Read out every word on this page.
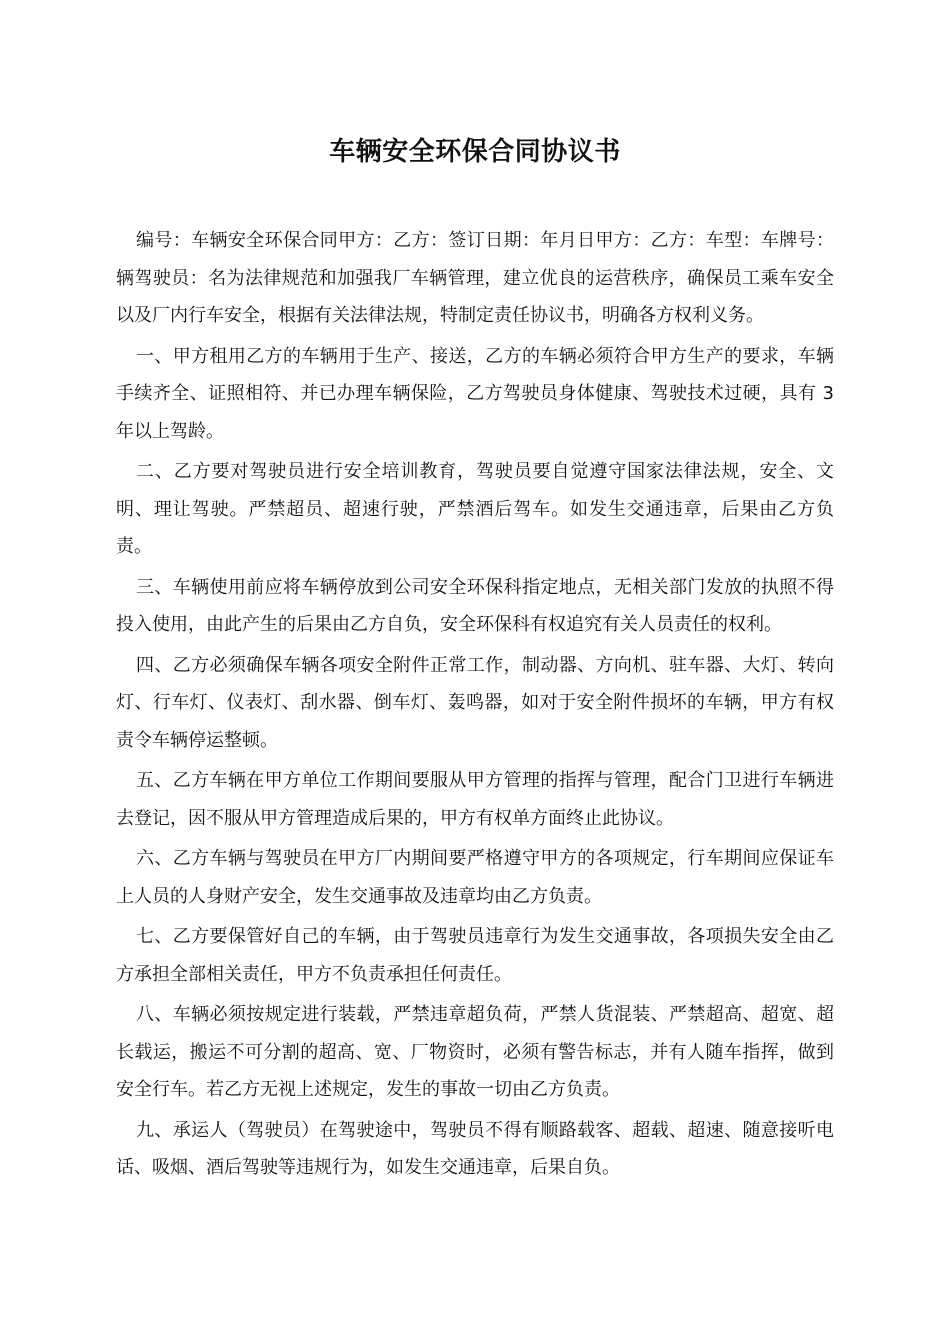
车辆安全环保合同协议书

编号：车辆安全环保合同甲方：乙方：签订日期：年月日甲方：乙方：车型：车牌号：辆驾驶员：名为法律规范和加强我厂车辆管理，建立优良的运营秩序，确保员工乘车安全以及厂内行车安全，根据有关法律法规，特制定责任协议书，明确各方权利义务。

一、甲方租用乙方的车辆用于生产、接送，乙方的车辆必须符合甲方生产的要求，车辆手续齐全、证照相符、并已办理车辆保险，乙方驾驶员身体健康、驾驶技术过硬，具有 3 年以上驾龄。

二、乙方要对驾驶员进行安全培训教育，驾驶员要自觉遵守国家法律法规，安全、文明、理让驾驶。严禁超员、超速行驶，严禁酒后驾车。如发生交通违章，后果由乙方负责。

三、车辆使用前应将车辆停放到公司安全环保科指定地点，无相关部门发放的执照不得投入使用，由此产生的后果由乙方自负，安全环保科有权追究有关人员责任的权利。

四、乙方必须确保车辆各项安全附件正常工作，制动器、方向机、驻车器、大灯、转向灯、行车灯、仪表灯、刮水器、倒车灯、轰鸣器，如对于安全附件损坏的车辆，甲方有权责令车辆停运整顿。

五、乙方车辆在甲方单位工作期间要服从甲方管理的指挥与管理，配合门卫进行车辆进去登记，因不服从甲方管理造成后果的，甲方有权单方面终止此协议。

六、乙方车辆与驾驶员在甲方厂内期间要严格遵守甲方的各项规定，行车期间应保证车上人员的人身财产安全，发生交通事故及违章均由乙方负责。

七、乙方要保管好自己的车辆，由于驾驶员违章行为发生交通事故，各项损失安全由乙方承担全部相关责任，甲方不负责承担任何责任。

八、车辆必须按规定进行装载，严禁违章超负荷，严禁人货混装、严禁超高、超宽、超长载运，搬运不可分割的超高、宽、厂物资时，必须有警告标志，并有人随车指挥，做到安全行车。若乙方无视上述规定，发生的事故一切由乙方负责。

九、承运人（驾驶员）在驾驶途中，驾驶员不得有顺路载客、超载、超速、随意接听电话、吸烟、酒后驾驶等违规行为，如发生交通违章，后果自负。
